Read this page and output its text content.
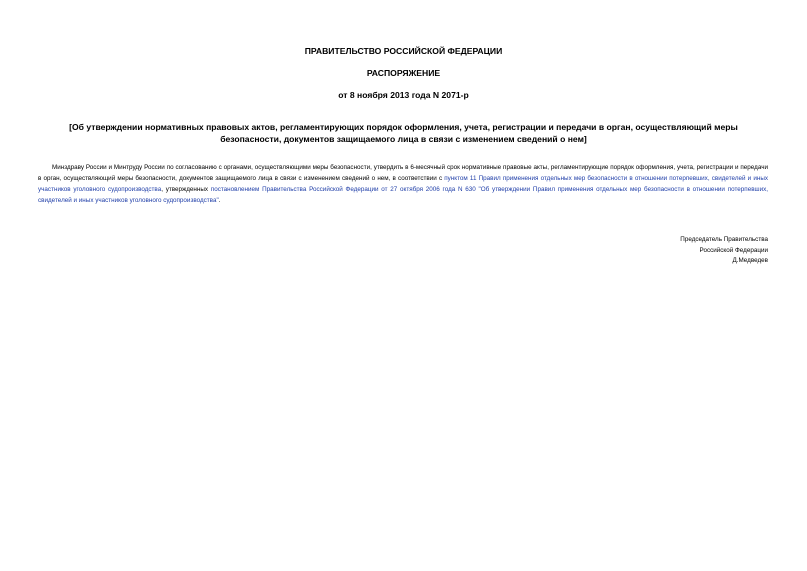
ПРАВИТЕЛЬСТВО РОССИЙСКОЙ ФЕДЕРАЦИИ

РАСПОРЯЖЕНИЕ

от 8 ноября 2013 года N 2071-р

[Об утверждении нормативных правовых актов, регламентирующих порядок оформления, учета, регистрации и передачи в орган, осуществляющий меры безопасности, документов защищаемого лица в связи с изменением сведений о нем]

Минздраву России и Минтруду России по согласованию с органами, осуществляющими меры безопасности, утвердить в 6-месячный срок нормативные правовые акты, регламентирующие порядок оформления, учета, регистрации и передачи в орган, осуществляющий меры безопасности, документов защищаемого лица в связи с изменением сведений о нем, в соответствии с пунктом 11 Правил применения отдельных мер безопасности в отношении потерпевших, свидетелей и иных участников уголовного судопроизводства, утвержденных постановлением Правительства Российской Федерации от 27 октября 2006 года N 630 "Об утверждении Правил применения отдельных мер безопасности в отношении потерпевших, свидетелей и иных участников уголовного судопроизводства".

Председатель Правительства
Российской Федерации
Д.Медведев
